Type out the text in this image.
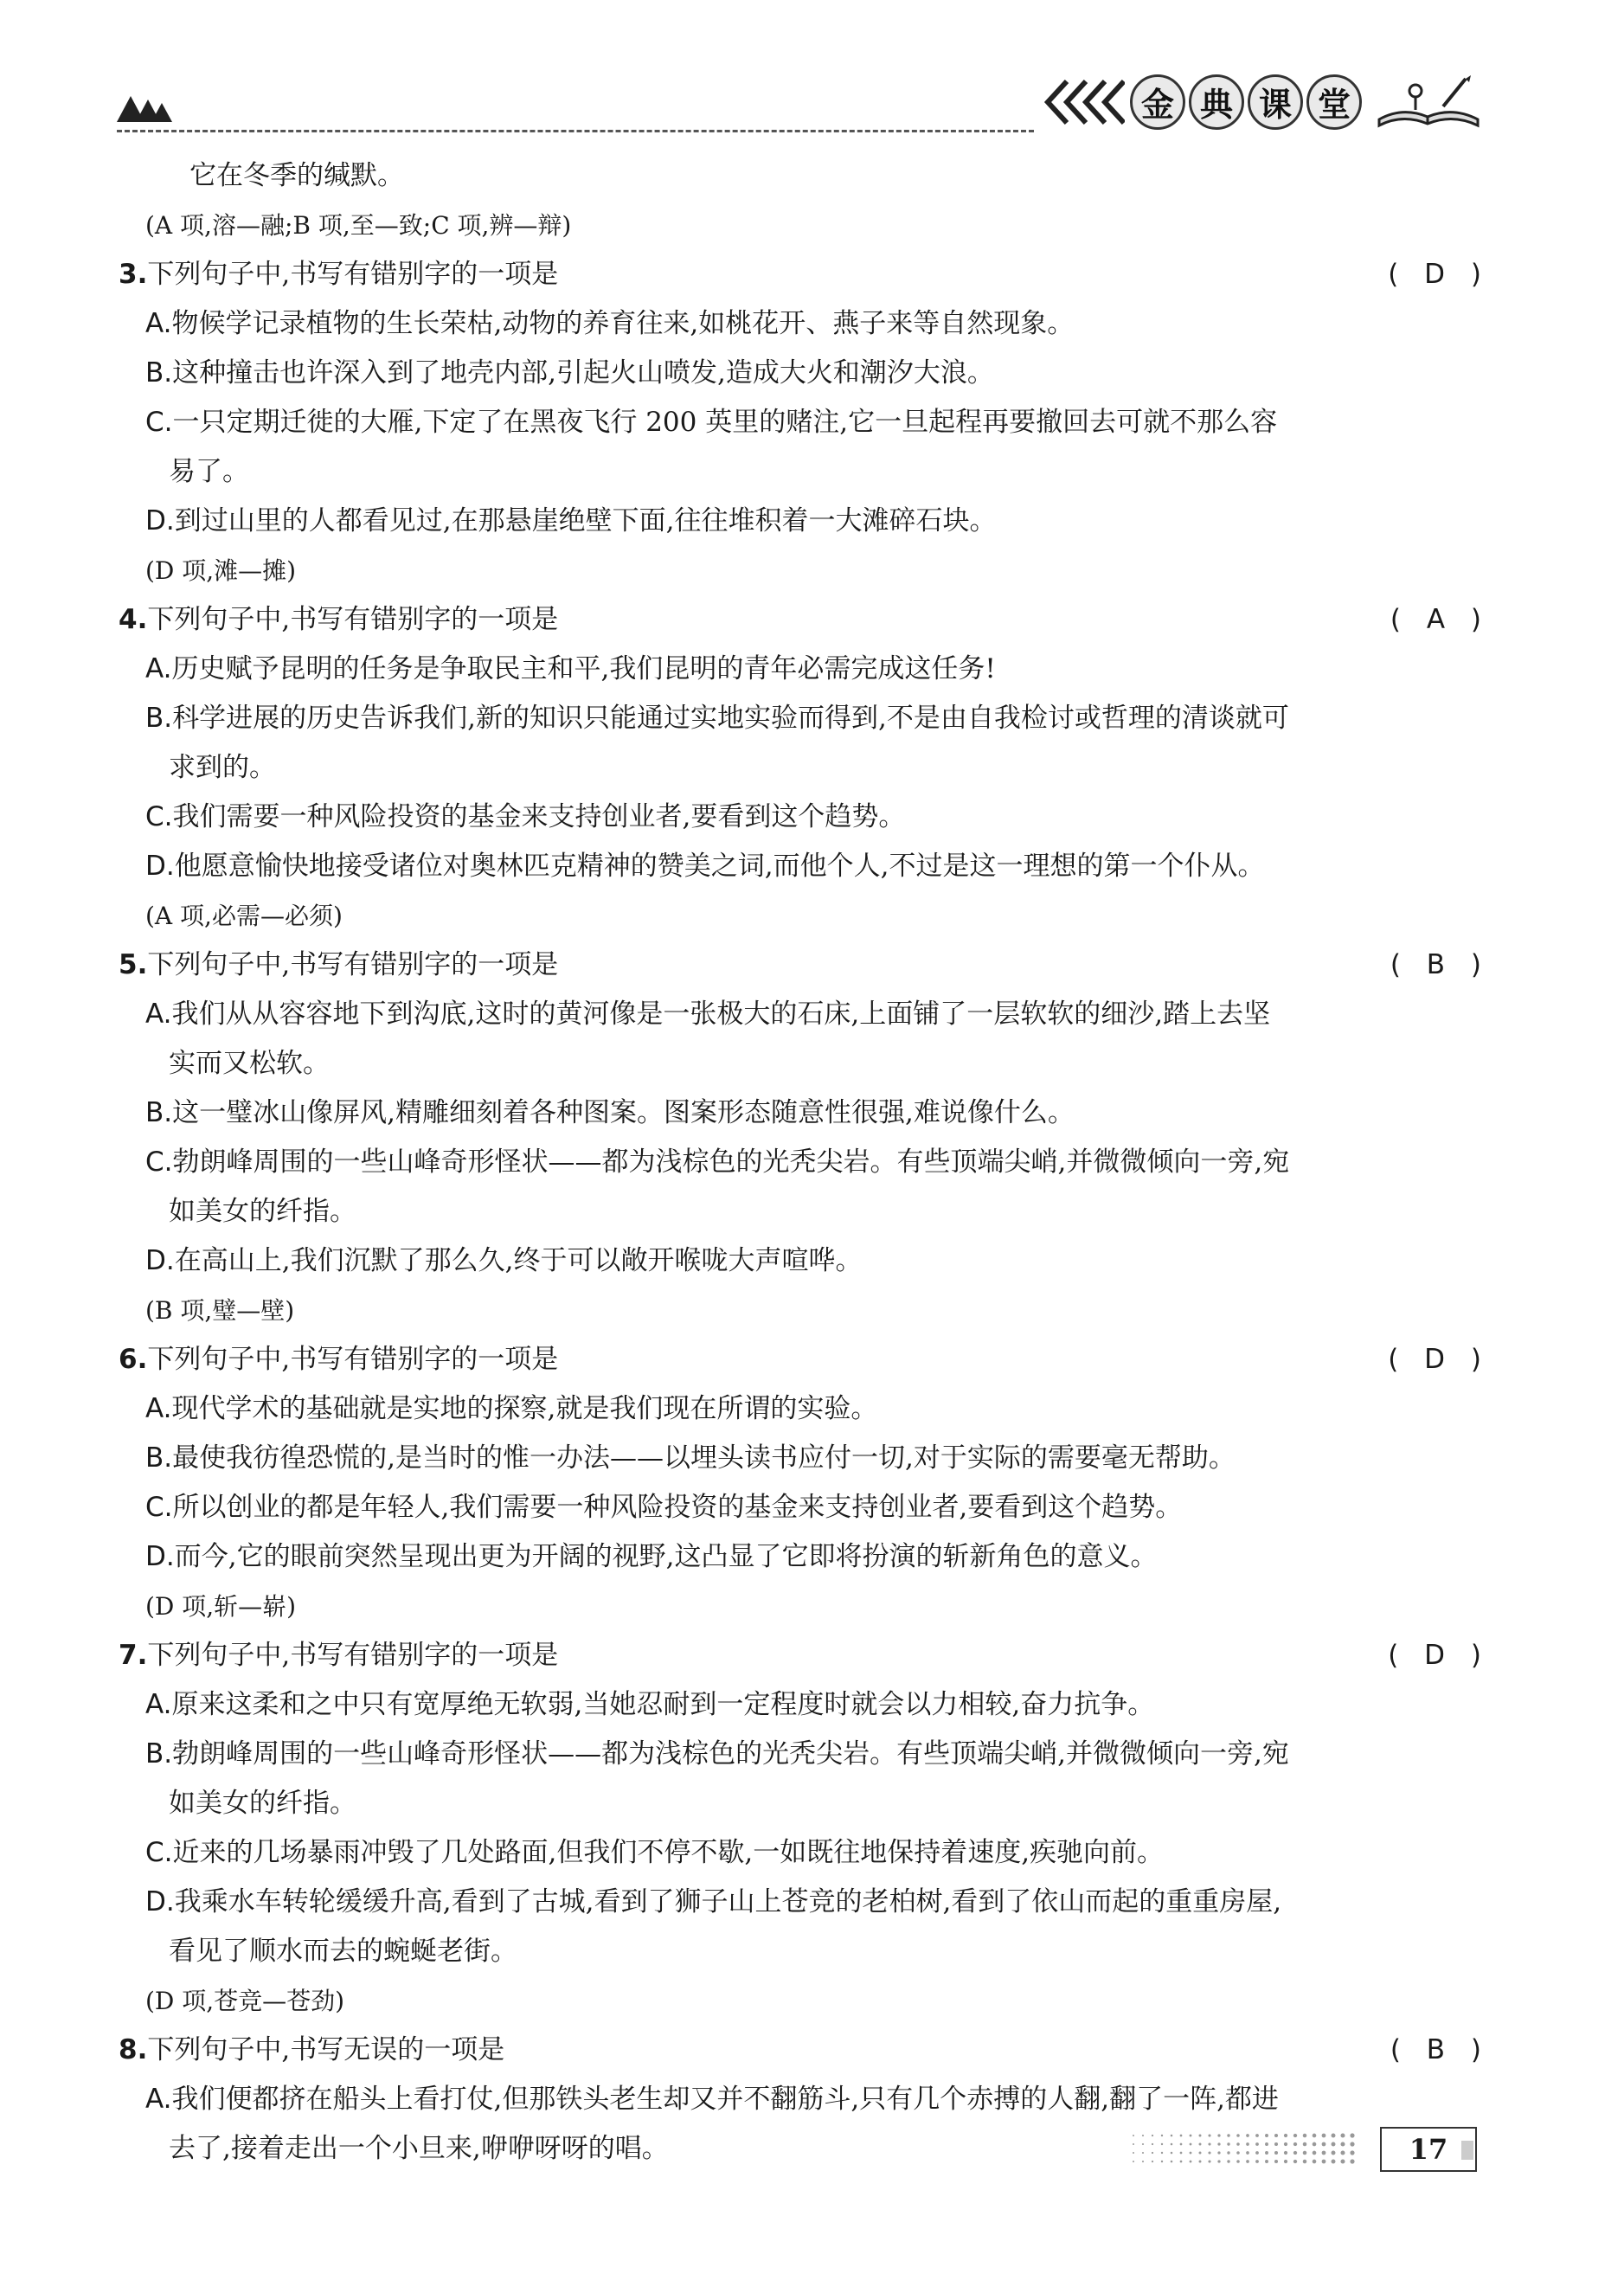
金 典 课 堂
它在冬季的缄默。
(A 项,溶—融;B 项,至—致;C 项,辨—辩)
3.下列句子中,书写有错别字的一项是	( D )
A.物候学记录植物的生长荣枯,动物的养育往来,如桃花开、燕子来等自然现象。
B.这种撞击也许深入到了地壳内部,引起火山喷发,造成大火和潮汐大浪。
C.一只定期迁徙的大雁,下定了在黑夜飞行 200 英里的赌注,它一旦起程再要撤回去可就不那么容
易了。
D.到过山里的人都看见过,在那悬崖绝壁下面,往往堆积着一大滩碎石块。
(D 项,滩—摊)
4.下列句子中,书写有错别字的一项是	( A )
A.历史赋予昆明的任务是争取民主和平,我们昆明的青年必需完成这任务!
B.科学进展的历史告诉我们,新的知识只能通过实地实验而得到,不是由自我检讨或哲理的清谈就可
求到的。
C.我们需要一种风险投资的基金来支持创业者,要看到这个趋势。
D.他愿意愉快地接受诸位对奥林匹克精神的赞美之词,而他个人,不过是这一理想的第一个仆从。
(A 项,必需—必须)
5.下列句子中,书写有错别字的一项是	( B )
A.我们从从容容地下到沟底,这时的黄河像是一张极大的石床,上面铺了一层软软的细沙,踏上去坚
实而又松软。
B.这一璧冰山像屏风,精雕细刻着各种图案。图案形态随意性很强,难说像什么。
C.勃朗峰周围的一些山峰奇形怪状——都为浅棕色的光秃尖岩。有些顶端尖峭,并微微倾向一旁,宛
如美女的纤指。
D.在高山上,我们沉默了那么久,终于可以敞开喉咙大声喧哗。
(B 项,璧—壁)
6.下列句子中,书写有错别字的一项是	( D )
A.现代学术的基础就是实地的探察,就是我们现在所谓的实验。
B.最使我彷徨恐慌的,是当时的惟一办法——以埋头读书应付一切,对于实际的需要毫无帮助。
C.所以创业的都是年轻人,我们需要一种风险投资的基金来支持创业者,要看到这个趋势。
D.而今,它的眼前突然呈现出更为开阔的视野,这凸显了它即将扮演的斩新角色的意义。
(D 项,斩—崭)
7.下列句子中,书写有错别字的一项是	( D )
A.原来这柔和之中只有宽厚绝无软弱,当她忍耐到一定程度时就会以力相较,奋力抗争。
B.勃朗峰周围的一些山峰奇形怪状——都为浅棕色的光秃尖岩。有些顶端尖峭,并微微倾向一旁,宛
如美女的纤指。
C.近来的几场暴雨冲毁了几处路面,但我们不停不歇,一如既往地保持着速度,疾驰向前。
D.我乘水车转轮缓缓升高,看到了古城,看到了狮子山上苍竞的老柏树,看到了依山而起的重重房屋,
看见了顺水而去的蜿蜒老街。
(D 项,苍竞—苍劲)
8.下列句子中,书写无误的一项是	( B )
A.我们便都挤在船头上看打仗,但那铁头老生却又并不翻筋斗,只有几个赤搏的人翻,翻了一阵,都进
去了,接着走出一个小旦来,咿咿呀呀的唱。	17
